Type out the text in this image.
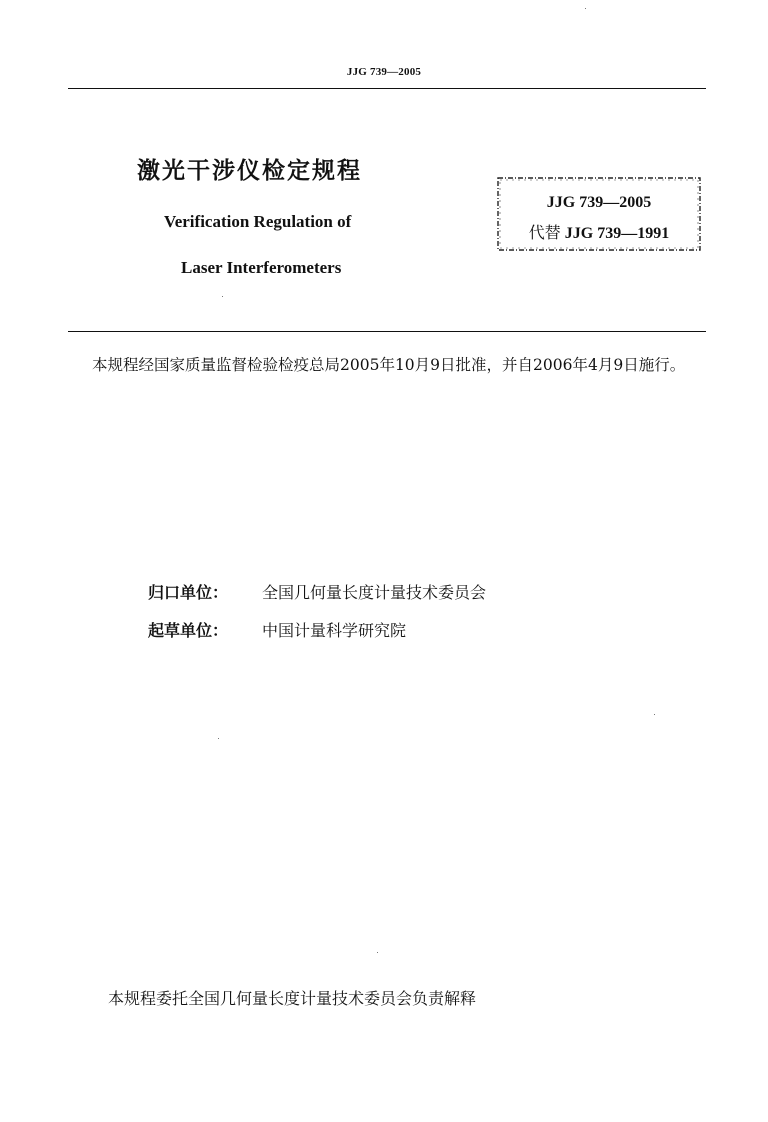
JJG 739—2005
激光干涉仪检定规程
Verification Regulation of
Laser Interferometers
JJG 739—2005
代替 JJG 739—1991
本规程经国家质量监督检验检疫总局2005年10月9日批准，并自2006年4月9日施行。
归口单位： 全国几何量长度计量技术委员会
起草单位： 中国计量科学研究院
本规程委托全国几何量长度计量技术委员会负责解释
